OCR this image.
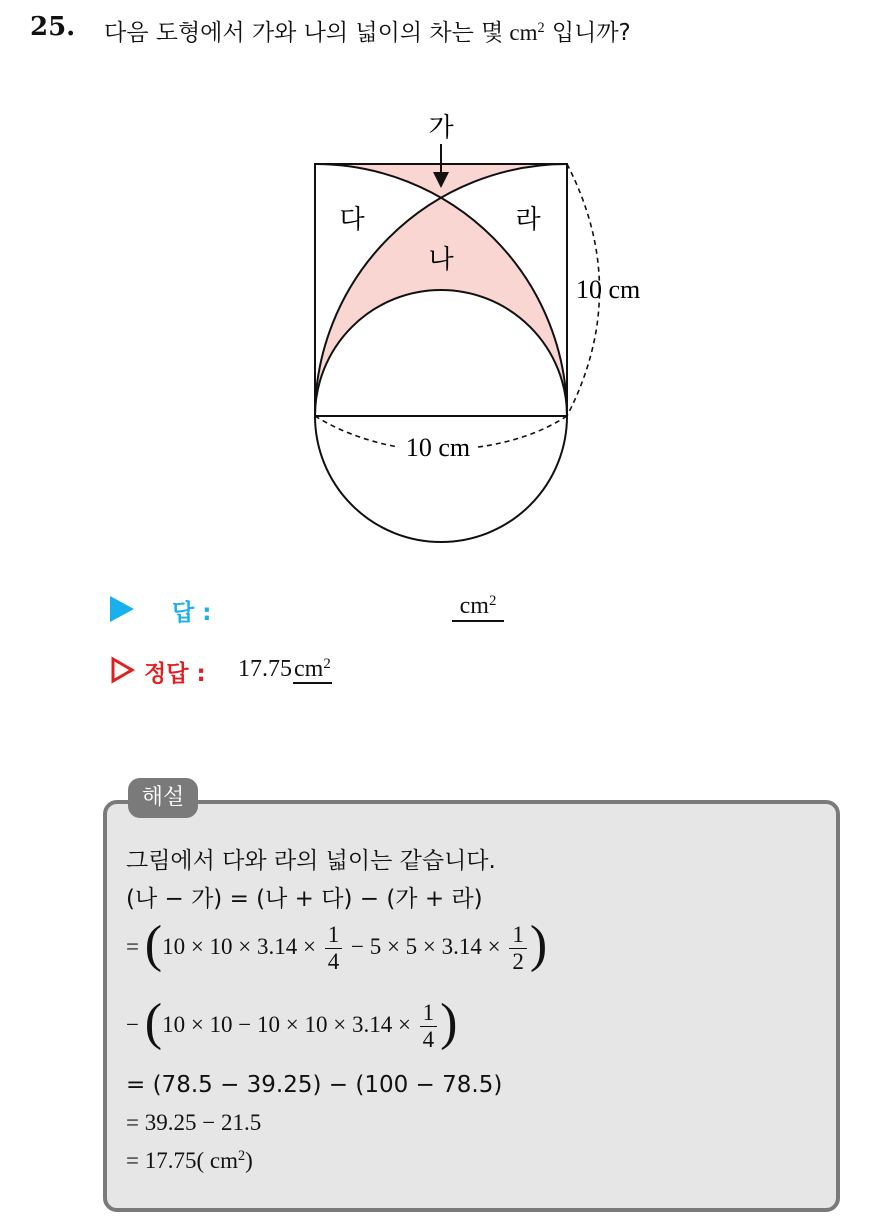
25. 다음 도형에서 가와 나의 넓이의 차는 몇 $cm^2$ 입니까?
가
다	라
나
10 cm
10 cm
답 :	$cm^2$
정답 : $17.75cm^2$
해설
그림에서 다와 라의 넓이는 같습니다.
(나 − 가) = (나 + 다) − (가 + 라)
= ($10 \times 10 \times 3.14 \times \frac{1}{4} - 5 \times 5 \times 3.14 \times \frac{1}{2}$ )
− ($10 \times 10 - 10 \times 10 \times 3.14 \times \frac{1}{4}$ )
= (78.5 − 39.25) − (100 − 78.5)
= 39.25 − 21.5
= 17.75( $cm^2$)
